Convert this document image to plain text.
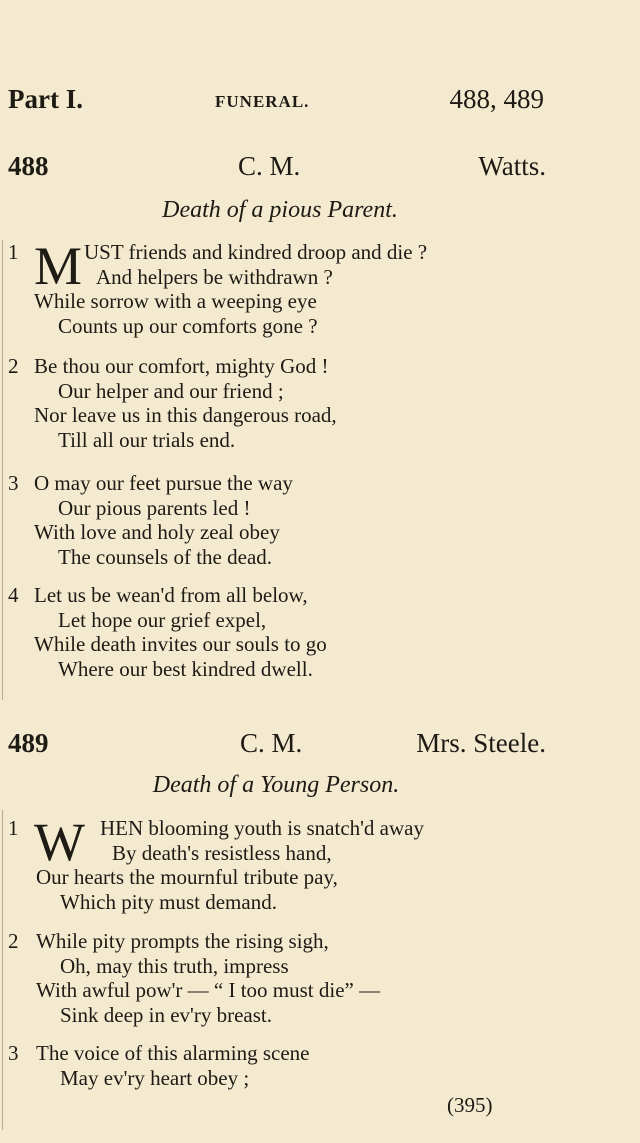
Part I.	FUNERAL.	488, 489
488	C. M.	Watts.
Death of a pious Parent.
1 M UST friends and kindred droop and die ?
And helpers be withdrawn ?
While sorrow with a weeping eye
Counts up our comforts gone ?
2 Be thou our comfort, mighty God !
Our helper and our friend ;
Nor leave us in this dangerous road,
Till all our trials end.
3 O may our feet pursue the way
Our pious parents led !
With love and holy zeal obey
The counsels of the dead.
4 Let us be wean'd from all below,
Let hope our grief expel,
While death invites our souls to go
Where our best kindred dwell.
489	C. M.	Mrs. Steele.
Death of a Young Person.
1 W HEN blooming youth is snatch'd away
By death's resistless hand,
Our hearts the mournful tribute pay,
Which pity must demand.
2 While pity prompts the rising sigh,
Oh, may this truth, impress
With awful pow'r — “ I too must die” —
Sink deep in ev'ry breast.
3 The voice of this alarming scene
May ev'ry heart obey ;
(395)
